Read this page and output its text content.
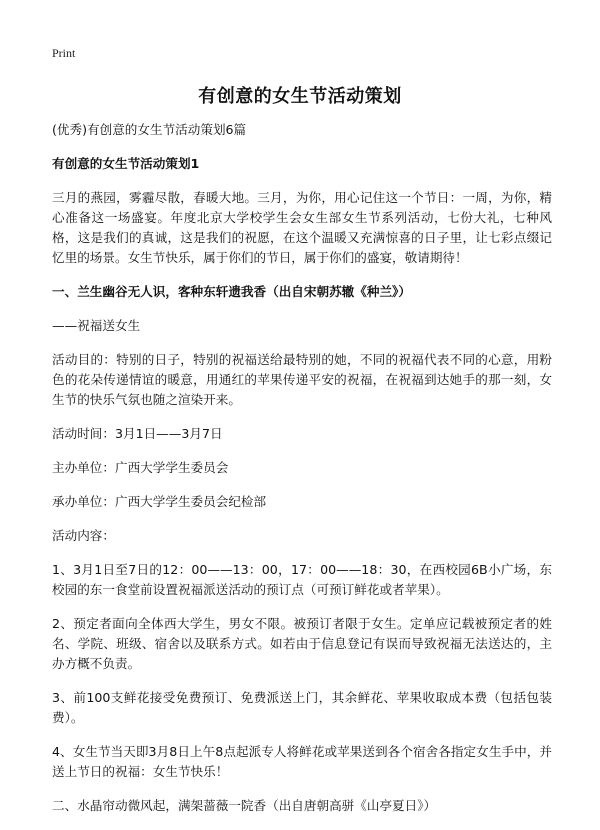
Print
有创意的女生节活动策划

(优秀)有创意的女生节活动策划6篇

有创意的女生节活动策划1

三月的燕园，雾霾尽散，春暖大地。三月，为你，用心记住这一个节日：一周，为你，精心准备这一场盛宴。年度北京大学校学生会女生部女生节系列活动，七份大礼，七种风格，这是我们的真诚，这是我们的祝愿，在这个温暖又充满惊喜的日子里，让七彩点缀记忆里的场景。女生节快乐，属于你们的节日，属于你们的盛宴，敬请期待！

一、兰生幽谷无人识，客种东轩遗我香（出自宋朝苏辙《种兰》）

——祝福送女生

活动目的：特别的日子，特别的祝福送给最特别的她，不同的祝福代表不同的心意，用粉色的花朵传递情谊的暖意，用通红的苹果传递平安的祝福，在祝福到达她手的那一刻，女生节的快乐气氛也随之渲染开来。

活动时间：3月1日——3月7日

主办单位：广西大学学生委员会

承办单位：广西大学学生委员会纪检部

活动内容：

1、3月1日至7日的12：00——13：00，17：00——18：30，在西校园6B小广场，东校园的东一食堂前设置祝福派送活动的预订点（可预订鲜花或者苹果）。

2、预定者面向全体西大学生，男女不限。被预订者限于女生。定单应记载被预定者的姓名、学院、班级、宿舍以及联系方式。如若由于信息登记有误而导致祝福无法送达的，主办方概不负责。

3、前100支鲜花接受免费预订、免费派送上门，其余鲜花、苹果收取成本费（包括包装费）。

4、女生节当天即3月8日上午8点起派专人将鲜花或苹果送到各个宿舍各指定女生手中，并送上节日的祝福：女生节快乐！

二、水晶帘动微风起，满架蔷薇一院香（出自唐朝高骈《山亭夏日》）
